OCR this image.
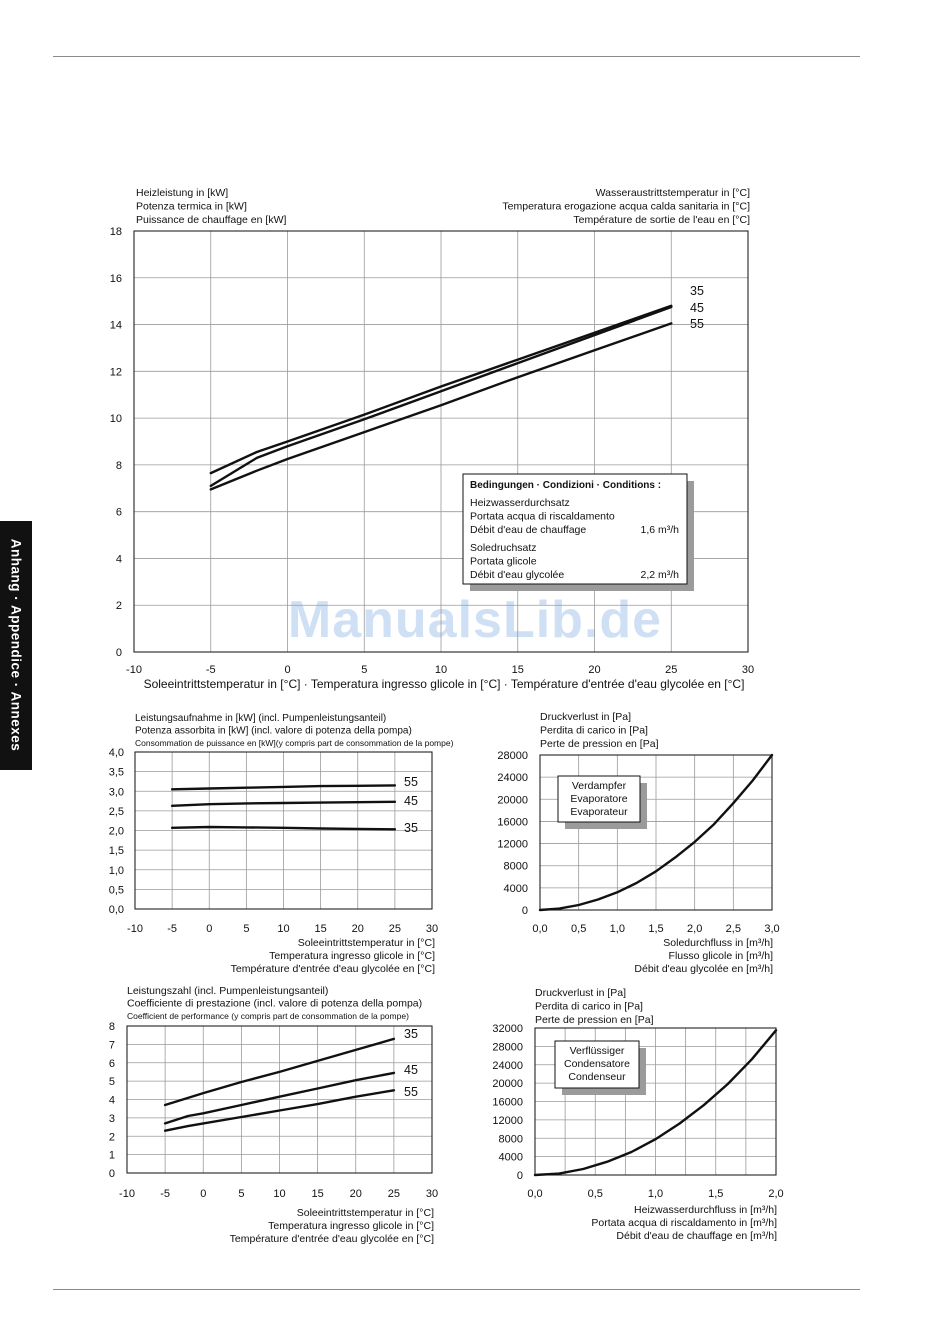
Anhang · Appendice · Annexes	ManualsLib.de
-10	-5	0	5	10	15	20	25	30
0
2
4
6
8
10
12
14
16
18
Heizleistung in [kW]
Potenza termica in [kW]
Puissance de chauffage en [kW]
Wasseraustrittstemperatur in [°C]
Temperatura erogazione acqua calda sanitaria in [°C]
Température de sortie de l'eau en [°C]
Soleeintrittstemperatur in [°C] · Temperatura ingresso glicole in [°C] · Température d'entrée d'eau glycolée en [°C]
35
45
55
Bedingungen · Condizioni · Conditions :
Heizwasserdurchsatz
Portata acqua di riscaldamento
Débit d'eau de chauffage	1,6 m³/h
Soledruchsatz
Portata glicole
Débit d'eau glycolée	2,2 m³/h
-10 -5	0	5	10 15 20 25 30
0,0
0,5
1,0
1,5
2,0
2,5
3,0
3,5
4,0
Leistungsaufnahme in [kW] (incl. Pumpenleistungsanteil)
Potenza assorbita in [kW] (incl. valore di potenza della pompa)
Consommation de puissance en [kW](y compris part de consommation de la pompe)
Soleeintrittstemperatur in [°C]
Temperatura ingresso glicole in [°C]
Température d'entrée d'eau glycolée en [°C]
55
45
35
0,0 0,5 1,0 1,5 2,0 2,5 3,0
0
4000
8000
12000
16000
20000
24000
28000
Druckverlust in [Pa]
Perdita di carico in [Pa]
Perte de pression en [Pa]
Soledurchfluss in [m³/h]
Flusso glicole in [m³/h]
Débit d'eau glycolée en [m³/h]
Verdampfer
Evaporatore
Evaporateur
-10 -5	0	5	10 15 20 25 30
0
1
2
3
4
5
6
7
8
Leistungszahl (incl. Pumpenleistungsanteil)
Coefficiente di prestazione (incl. valore di potenza della pompa)
Coefficient de performance (y compris part de consommation de la pompe)
Soleeintrittstemperatur in [°C]
Temperatura ingresso glicole in [°C]
Température d'entrée d'eau glycolée en [°C]
35
45
55
0,0	0,5	1,0	1,5	2,0
0
4000
8000
12000
16000
20000
24000
28000
32000
Druckverlust in [Pa]
Perdita di carico in [Pa]
Perte de pression en [Pa]
Heizwasserdurchfluss in [m³/h]
Portata acqua di riscaldamento in [m³/h]
Débit d'eau de chauffage en [m³/h]
Verflüssiger
Condensatore
Condenseur
